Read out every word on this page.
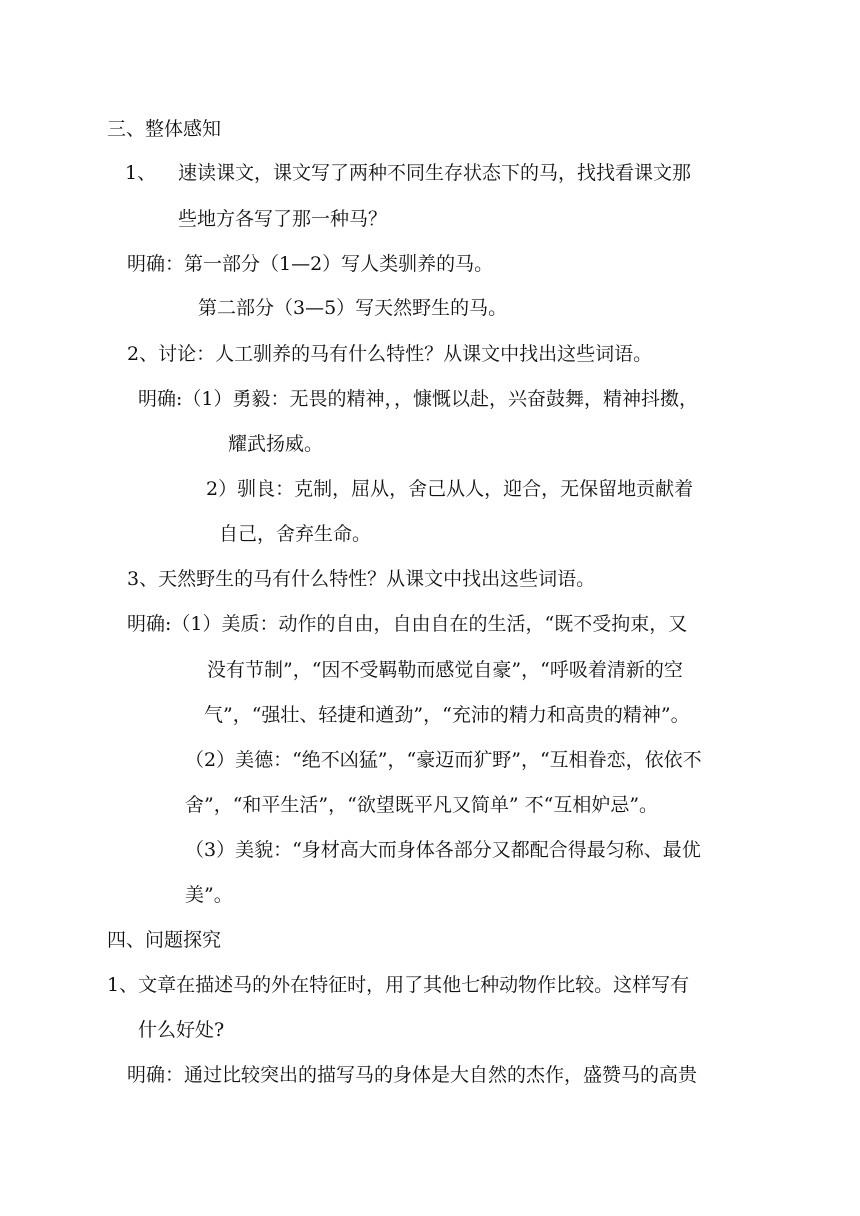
三、整体感知
1、 速读课文，课文写了两种不同生存状态下的马，找找看课文那
些地方各写了那一种马？
明确：第一部分（1—2）写人类驯养的马。
第二部分（3—5）写天然野生的马。
2、讨论：人工驯养的马有什么特性？从课文中找出这些词语。
明确:（1）勇毅：无畏的精神，，慷慨以赴，兴奋鼓舞，精神抖擞，
耀武扬威。
2）驯良：克制，屈从，舍己从人，迎合，无保留地贡献着
自己，舍弃生命。
3、天然野生的马有什么特性？从课文中找出这些词语。
明确:（1）美质：动作的自由，自由自在的生活，“既不受拘束，又
没有节制”，“因不受羁勒而感觉自豪”，“呼吸着清新的空
气”，“强壮、轻捷和遒劲”，“充沛的精力和高贵的精神”。
（2）美德：“绝不凶猛”，“豪迈而犷野”，“互相眷恋，依依不
舍”，“和平生活”，“欲望既平凡又简单” 不“互相妒忌”。
（3）美貌：“身材高大而身体各部分又都配合得最匀称、最优
美”。
四、问题探究
1、文章在描述马的外在特征时，用了其他七种动物作比较。这样写有
什么好处?
明确：通过比较突出的描写马的身体是大自然的杰作，盛赞马的高贵
